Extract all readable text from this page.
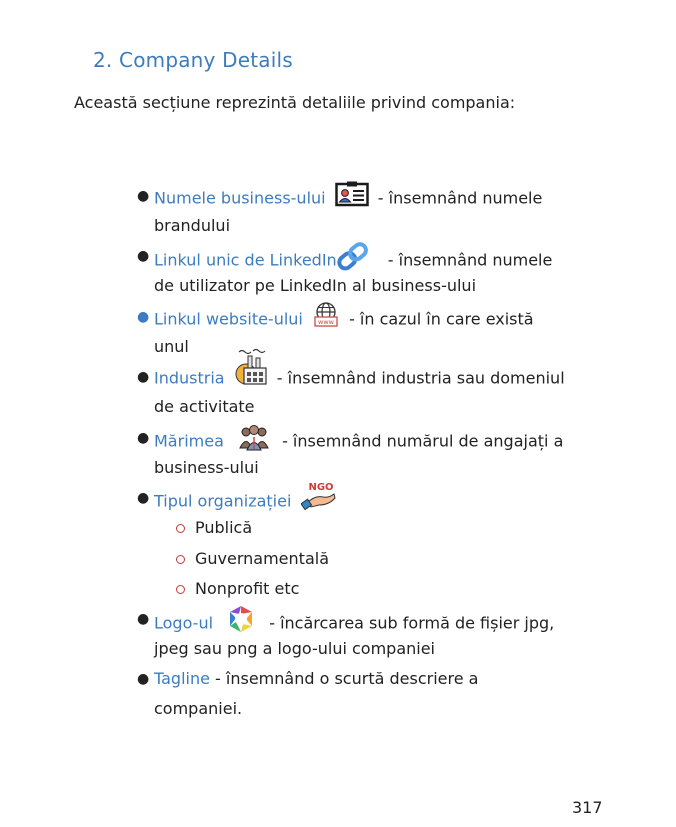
2. Company Details
Această secțiune reprezintă detaliile privind compania:
● Numele business-ului	- însemnând numele
brandului
● Linkul unic de LinkedIn	- însemnând numele
de utilizator pe LinkedIn al business-ului
● Linkul website-ului www - în cazul în care există
unul
● Industria	- însemnând industria sau domeniul
de activitate
● Mărimea	- însemnând numărul de angajați a
business-ului
● Tipul organizației
NGO
Publică
Guvernamentală
Nonprofit etc
● Logo-ul	- încărcarea sub formă de fișier jpg,
jpeg sau png a logo-ului companiei
● Tagline - însemnând o scurtă descriere a
companiei.
317
